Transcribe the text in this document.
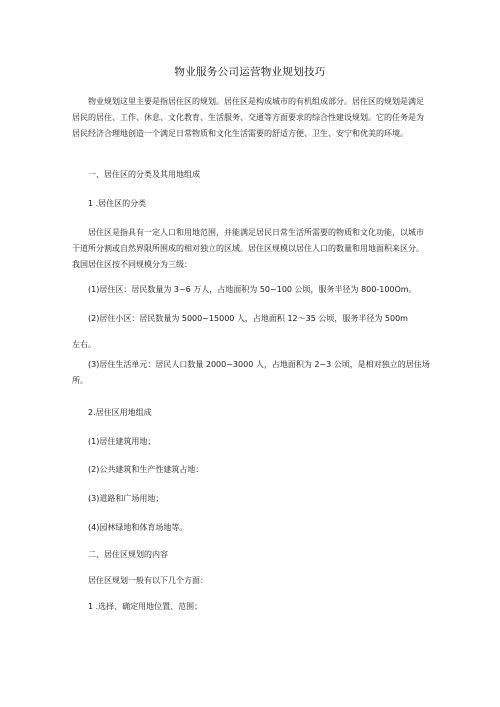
物业服务公司运营物业规划技巧
物业规划这里主要是指居住区的规划。居住区是构成城市的有机组成部分。居住区的规划是满足居民的居住、工作、休息、文化教育、生活服务、交通等方面要求的综合性建设规划。它的任务是为居民经济合理地创造一个满足日常物质和文化生活需要的舒适方便、卫生、安宁和优美的环境。
一、居住区的分类及其用地组成
1 .居住区的分类
居住区是指具有一定人口和用地范围，并能满足居民日常生活所需要的物质和文化功能，以城市干道所分割或自然界限所围成的相对独立的区域。居住区规模以居住人口的数量和用地面积来区分。我国居住区按不同规模分为三级：
(1)居住区：居民数量为 3~6 万人，占地面积为 50~100 公顷，服务半径为 800-100Om。
(2)居住小区：居民数量为 5000~15000 人，占地面积 12〜35 公顷，服务半径为 500m
左右。
(3)居住生活单元：居民人口数量 2000~3000 人，占地面积为 2~3 公顷，是相对独立的居住场所。
2.居住区用地组成
(1)居住建筑用地；
(2)公共建筑和生产性建筑占地：
(3)道路和广场用地；
(4)园林绿地和体育场地等。
二、居住区规划的内容
居住区规划一般有以下几个方面：
1 .选择、确定用地位置、范围；
